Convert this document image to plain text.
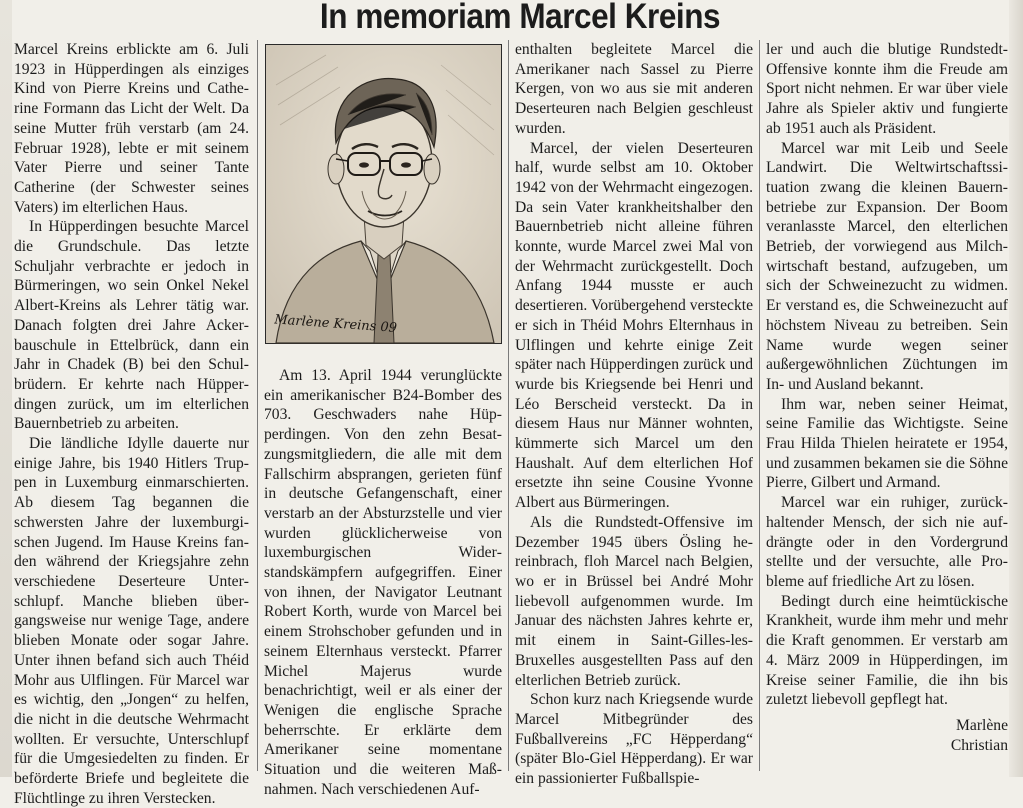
In memoriam Marcel Kreins

Marcel Kreins erblickte am 6. Juli 1923 in Hüpperdingen als einziges Kind von Pierre Kreins und Catherine Formann das Licht der Welt. Da seine Mutter früh verstarb (am 24. Februar 1928), lebte er mit seinem Vater Pierre und seiner Tante Catherine (der Schwester seines Vaters) im elterlichen Haus.

In Hüpperdingen besuchte Marcel die Grundschule. Das letzte Schuljahr verbrachte er jedoch in Bürmeringen, wo sein Onkel Nekel Albert-Kreins als Lehrer tätig war. Danach folgten drei Jahre Ackerbauschule in Ettelbrück, dann ein Jahr in Chadek (B) bei den Schulbrüdern. Er kehrte nach Hüpperdingen zurück, um im elterlichen Bauernbetrieb zu arbeiten.

Die ländliche Idylle dauerte nur einige Jahre, bis 1940 Hitlers Truppen in Luxemburg einmarschierten. Ab diesem Tag begannen die schwersten Jahre der luxemburgischen Jugend. Im Hause Kreins fanden während der Kriegsjahre zehn verschiedene Deserteure Unterschlupf. Manche blieben übergangsweise nur wenige Tage, andere blieben Monate oder sogar Jahre. Unter ihnen befand sich auch Théid Mohr aus Ulflingen. Für Marcel war es wichtig, den „Jongen“ zu helfen, die nicht in die deutsche Wehrmacht wollten. Er versuchte, Unterschlupf für die Umgesiedelten zu finden. Er beförderte Briefe und begleitete die Flüchtlinge zu ihren Verstecken.

Marlène Kreins 09

Am 13. April 1944 verunglückte ein amerikanischer B24-Bomber des 703. Geschwaders nahe Hüpperdingen. Von den zehn Besatzungsmitgliedern, die alle mit dem Fallschirm absprangen, gerieten fünf in deutsche Gefangenschaft, einer verstarb an der Absturzstelle und vier wurden glücklicherweise von luxemburgischen Widerstandskämpfern aufgegriffen. Einer von ihnen, der Navigator Leutnant Robert Korth, wurde von Marcel bei einem Strohschober gefunden und in seinem Elternhaus versteckt. Pfarrer Michel Majerus wurde benachrichtigt, weil er als einer der Wenigen die englische Sprache beherrschte. Er erklärte dem Amerikaner seine momentane Situation und die weiteren Maßnahmen. Nach verschiedenen Auf-

enthalten begleitete Marcel die Amerikaner nach Sassel zu Pierre Kergen, von wo aus sie mit anderen Deserteuren nach Belgien geschleust wurden.

Marcel, der vielen Deserteuren half, wurde selbst am 10. Oktober 1942 von der Wehrmacht eingezogen. Da sein Vater krankheitshalber den Bauernbetrieb nicht alleine führen konnte, wurde Marcel zwei Mal von der Wehrmacht zurückgestellt. Doch Anfang 1944 musste er auch desertieren. Vorübergehend versteckte er sich in Théid Mohrs Elternhaus in Ulflingen und kehrte einige Zeit später nach Hüpperdingen zurück und wurde bis Kriegsende bei Henri und Léo Berscheid versteckt. Da in diesem Haus nur Männer wohnten, kümmerte sich Marcel um den Haushalt. Auf dem elterlichen Hof ersetzte ihn seine Cousine Yvonne Albert aus Bürmeringen.

Als die Rundstedt-Offensive im Dezember 1945 übers Ösling hereinbrach, floh Marcel nach Belgien, wo er in Brüssel bei André Mohr liebevoll aufgenommen wurde. Im Januar des nächsten Jahres kehrte er, mit einem in Saint-Gilles-les-Bruxelles ausgestellten Pass auf den elterlichen Betrieb zurück.

Schon kurz nach Kriegsende wurde Marcel Mitbegründer des Fußballvereins „FC Hëpperdang“ (später Blo-Giel Hëpperdang). Er war ein passionierter Fußballspie-

ler und auch die blutige Rundstedt-Offensive konnte ihm die Freude am Sport nicht nehmen. Er war über viele Jahre als Spieler aktiv und fungierte ab 1951 auch als Präsident.

Marcel war mit Leib und Seele Landwirt. Die Weltwirtschaftssituation zwang die kleinen Bauernbetriebe zur Expansion. Der Boom veranlasste Marcel, den elterlichen Betrieb, der vorwiegend aus Milchwirtschaft bestand, aufzugeben, um sich der Schweinezucht zu widmen. Er verstand es, die Schweinezucht auf höchstem Niveau zu betreiben. Sein Name wurde wegen seiner außergewöhnlichen Züchtungen im In- und Ausland bekannt.

Ihm war, neben seiner Heimat, seine Familie das Wichtigste. Seine Frau Hilda Thielen heiratete er 1954, und zusammen bekamen sie die Söhne Pierre, Gilbert und Armand.

Marcel war ein ruhiger, zurückhaltender Mensch, der sich nie aufdrängte oder in den Vordergrund stellte und der versuchte, alle Probleme auf friedliche Art zu lösen.

Bedingt durch eine heimtückische Krankheit, wurde ihm mehr und mehr die Kraft genommen. Er verstarb am 4. März 2009 in Hüpperdingen, im Kreise seiner Familie, die ihn bis zuletzt liebevoll gepflegt hat.

Marlène
Christian
